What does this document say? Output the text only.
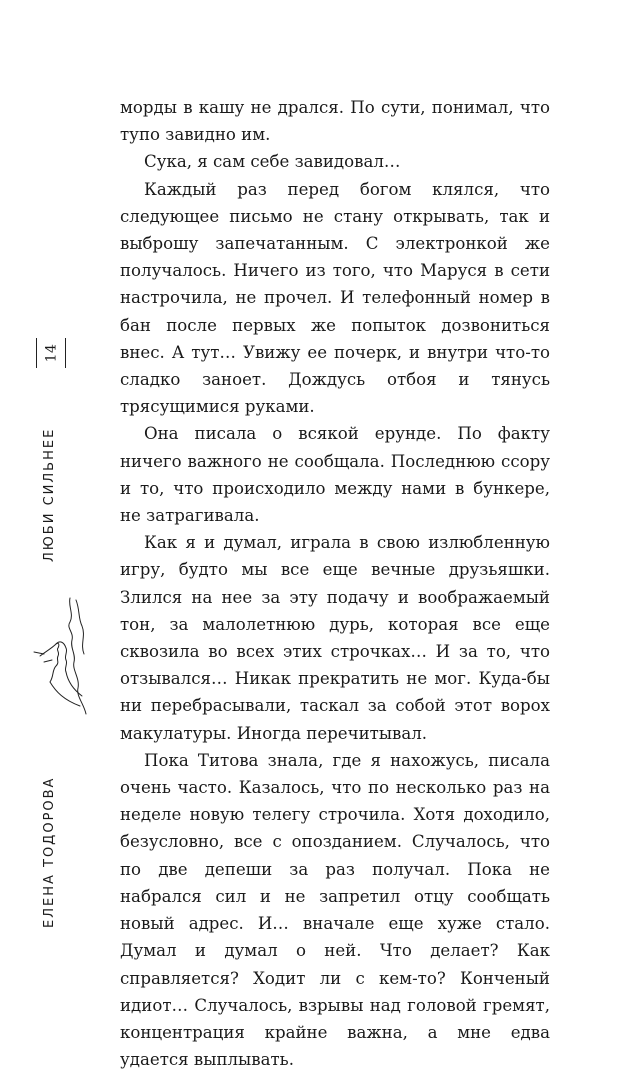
14
ЛЮБИ СИЛЬНЕЕ
ЕЛЕНА ТОДОРОВА

морды в кашу не дрался. По сути, понимал, что тупо завидно им.

Сука, я сам себе завидовал…

Каждый раз перед богом клялся, что следующее письмо не стану открывать, так и выброшу запечатанным. С электронкой же получалось. Ничего из того, что Маруся в сети настрочила, не прочел. И телефонный номер в бан после первых же попыток дозвониться внес. А тут… Увижу ее почерк, и внутри что-то сладко заноет. Дождусь отбоя и тянусь трясущимися руками.

Она писала о всякой ерунде. По факту ничего важного не сообщала. Последнюю ссору и то, что происходило между нами в бункере, не затрагивала.

Как я и думал, играла в свою излюбленную игру, будто мы все еще вечные друзьяшки. Злился на нее за эту подачу и воображаемый тон, за малолетнюю дурь, которая все еще сквозила во всех этих строчках… И за то, что отзывался… Никак прекратить не мог. Куда-бы ни перебрасывали, таскал за собой этот ворох макулатуры. Иногда перечитывал.

Пока Титова знала, где я нахожусь, писала очень часто. Казалось, что по несколько раз на неделе новую телегу строчила. Хотя доходило, безусловно, все с опозданием. Случалось, что по две депеши за раз получал. Пока не набрался сил и не запретил отцу сообщать новый адрес. И… вначале еще хуже стало. Думал и думал о ней. Что делает? Как справляется? Ходит ли с кем-то? Конченый идиот… Случалось, взрывы над головой гремят, концентрация крайне важна, а мне едва удается выплывать.
